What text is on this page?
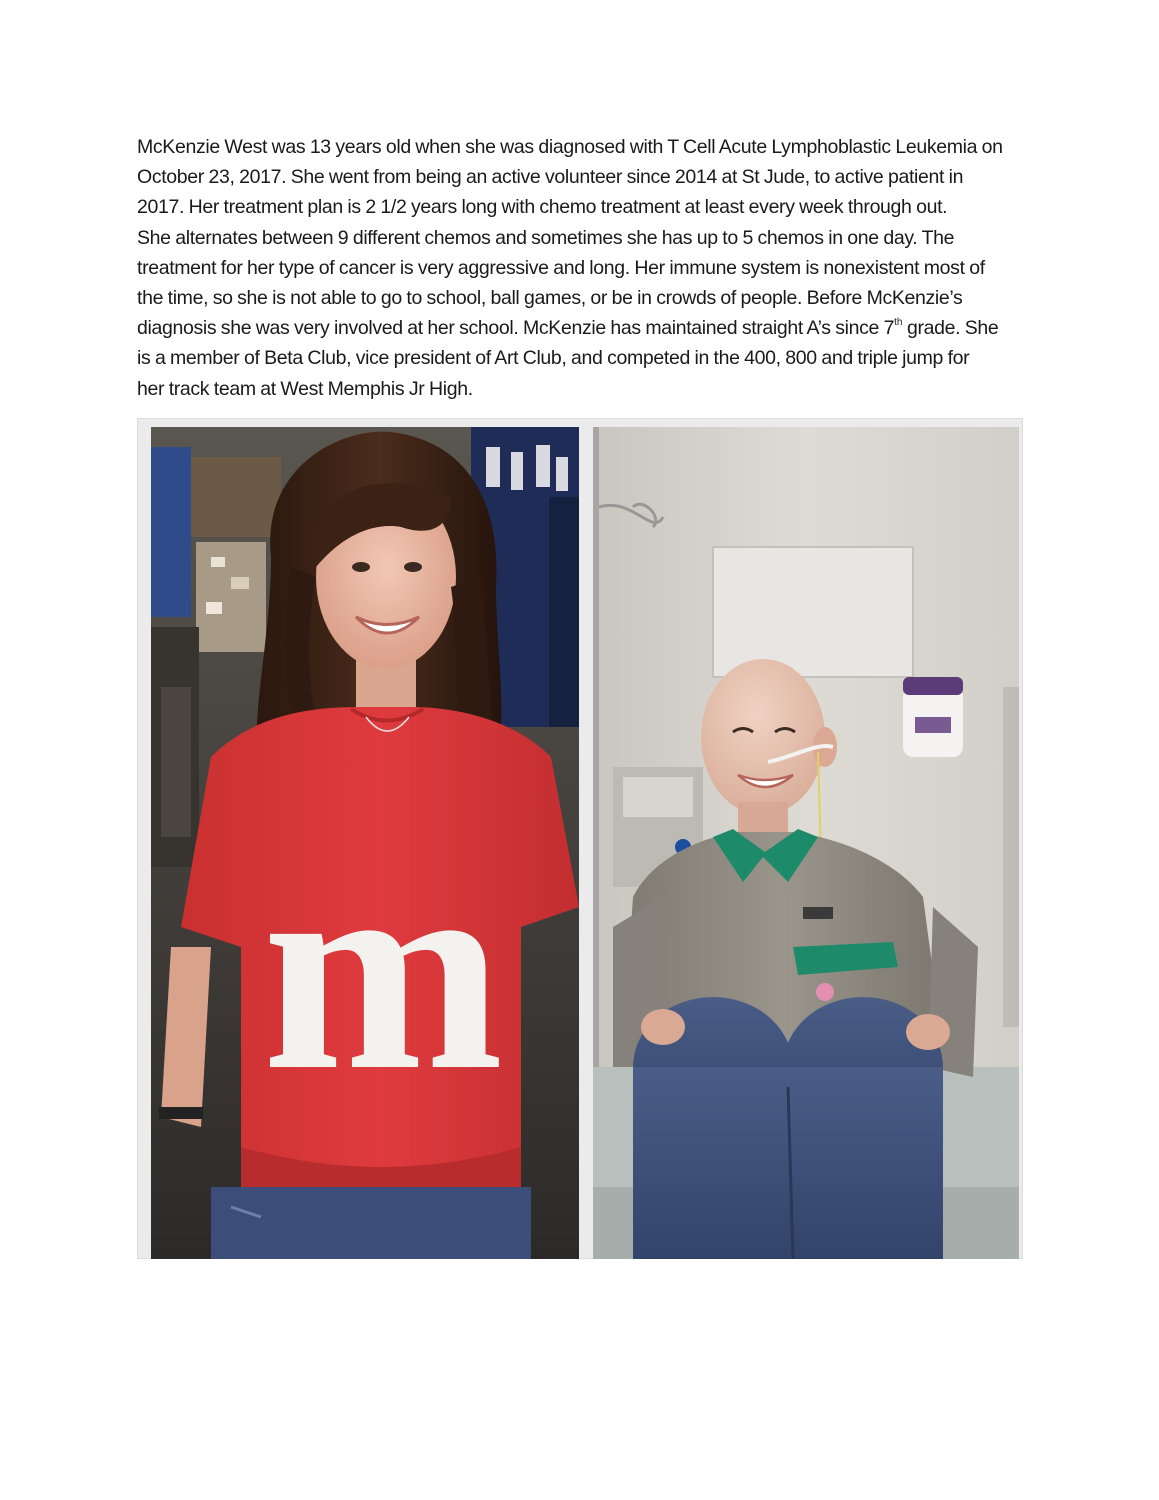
McKenzie West was 13 years old when she was diagnosed with T Cell Acute Lymphoblastic Leukemia on

October 23, 2017. She went from being an active volunteer since 2014 at St Jude, to active patient in

2017. Her treatment plan is 2 1/2 years long with chemo treatment at least every week through out.

She alternates between 9 different chemos and sometimes she has up to 5 chemos in one day. The

treatment for her type of cancer is very aggressive and long. Her immune system is nonexistent most of

the time, so she is not able to go to school, ball games, or be in crowds of people. Before McKenzie’s

diagnosis she was very involved at her school. McKenzie has maintained straight A’s since 7th grade. She

is a member of Beta Club, vice president of Art Club, and competed in the 400, 800 and triple jump for

her track team at West Memphis Jr High.

m
